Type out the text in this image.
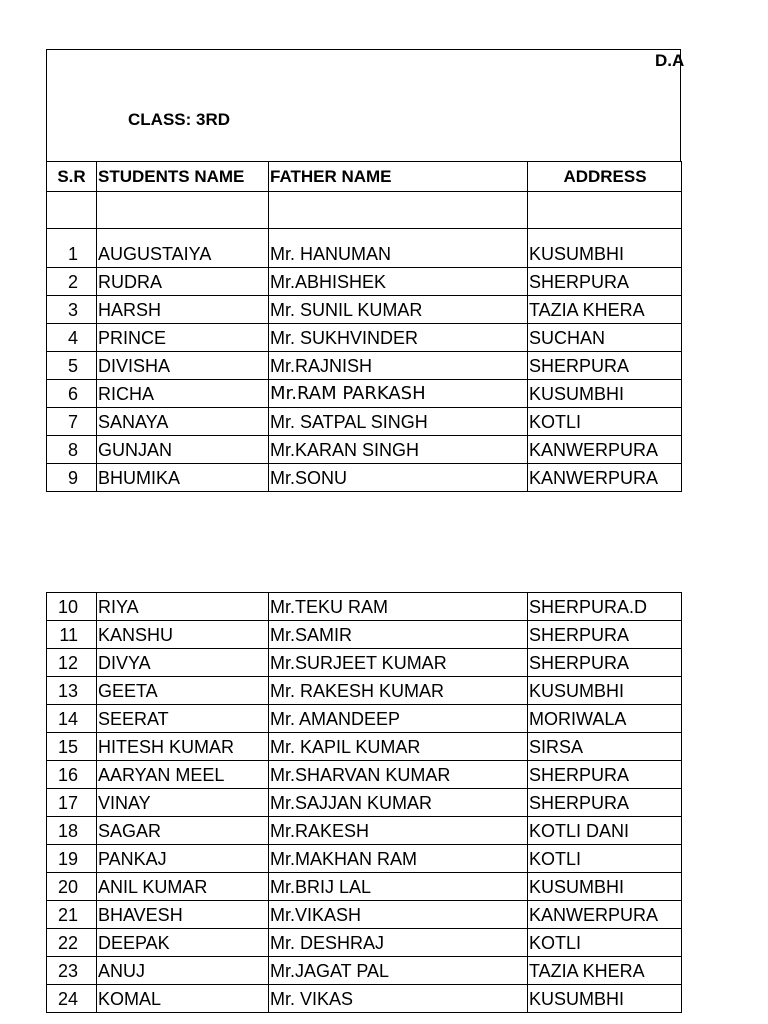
D.A
CLASS: 3RD
S.R	STUDENTS NAME	FATHER NAME	ADDRESS

1	AUGUSTAIYA	Mr. HANUMAN	KUSUMBHI
2	RUDRA	Mr.ABHISHEK	SHERPURA
3	HARSH	Mr. SUNIL KUMAR	TAZIA KHERA
4	PRINCE	Mr. SUKHVINDER	SUCHAN
5	DIVISHA	Mr.RAJNISH	SHERPURA
6	RICHA	Mr.RAM PARKASH	KUSUMBHI
7	SANAYA	Mr. SATPAL SINGH	KOTLI
8	GUNJAN	Mr.KARAN SINGH	KANWERPURA
9	BHUMIKA	Mr.SONU	KANWERPURA
10	RIYA	Mr.TEKU RAM	SHERPURA.D
11	KANSHU	Mr.SAMIR	SHERPURA
12	DIVYA	Mr.SURJEET KUMAR	SHERPURA
13	GEETA	Mr. RAKESH KUMAR	KUSUMBHI
14	SEERAT	Mr. AMANDEEP	MORIWALA
15	HITESH KUMAR	Mr. KAPIL KUMAR	SIRSA
16	AARYAN MEEL	Mr.SHARVAN KUMAR	SHERPURA
17	VINAY	Mr.SAJJAN KUMAR	SHERPURA
18	SAGAR	Mr.RAKESH	KOTLI DANI
19	PANKAJ	Mr.MAKHAN RAM	KOTLI
20	ANIL KUMAR	Mr.BRIJ LAL	KUSUMBHI
21	BHAVESH	Mr.VIKASH	KANWERPURA
22	DEEPAK	Mr. DESHRAJ	KOTLI
23	ANUJ	Mr.JAGAT PAL	TAZIA KHERA
24	KOMAL	Mr. VIKAS	KUSUMBHI
